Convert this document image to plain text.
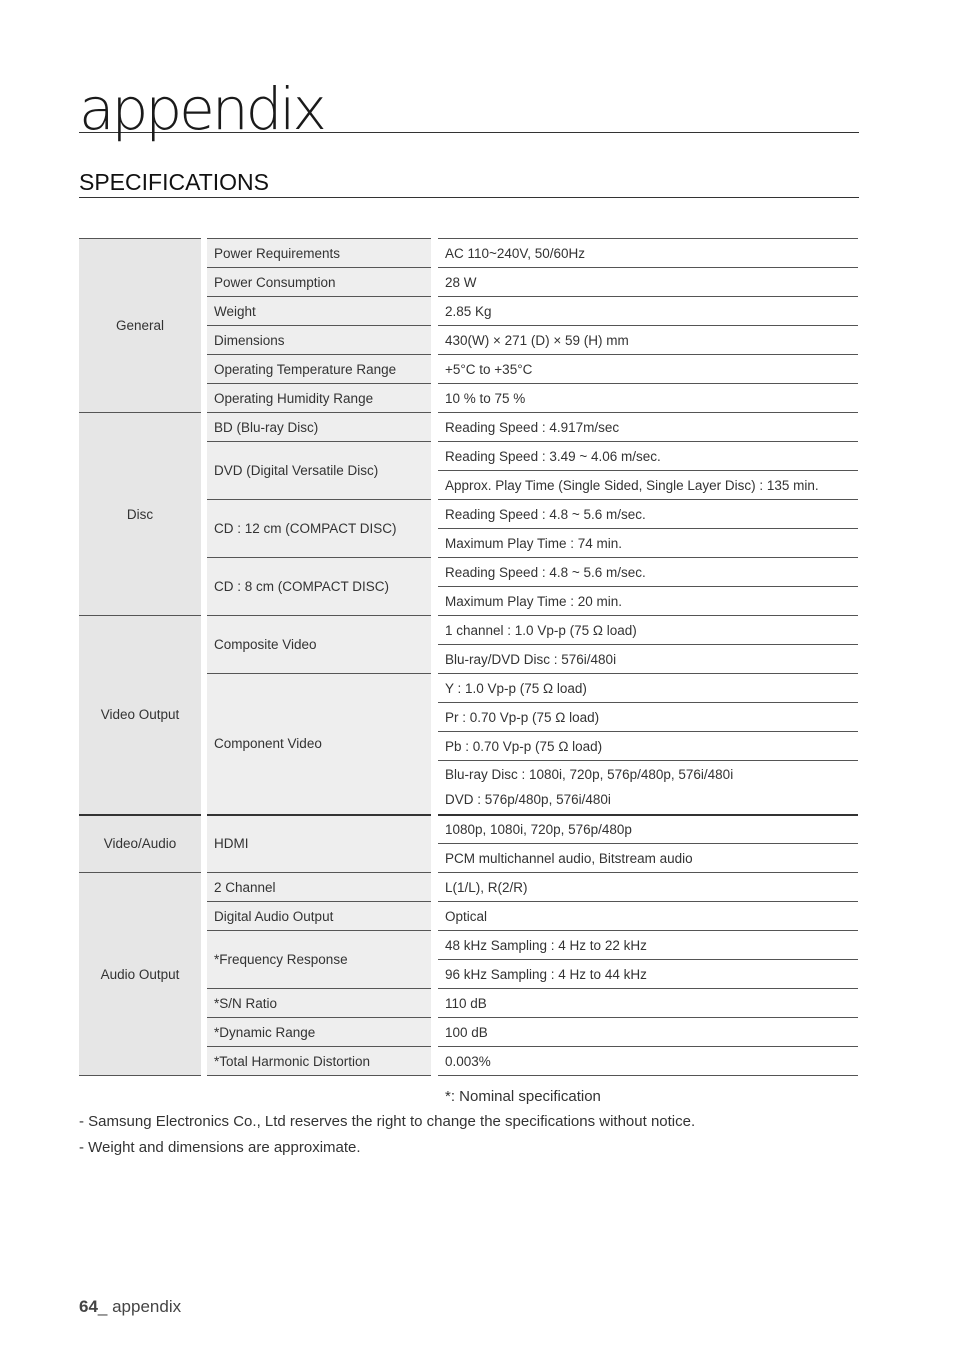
appendix
SPECIFICATIONS
General		Power Requirements		AC 110~240V, 50/60Hz
		Power Consumption		28 W
		Weight		2.85 Kg
		Dimensions		430(W) × 271 (D) × 59 (H) mm
		Operating Temperature Range		+5°C to +35°C
		Operating Humidity Range		10 % to 75 %
Disc		BD (Blu-ray Disc)		Reading Speed : 4.917m/sec
		DVD (Digital Versatile Disc)		Reading Speed : 3.49 ~ 4.06 m/sec.
				Approx. Play Time (Single Sided, Single Layer Disc) : 135 min.
		CD : 12 cm (COMPACT DISC)		Reading Speed : 4.8 ~ 5.6 m/sec.
				Maximum Play Time : 74 min.
		CD : 8 cm (COMPACT DISC)		Reading Speed : 4.8 ~ 5.6 m/sec.
				Maximum Play Time : 20 min.
Video Output		Composite Video		1 channel : 1.0 Vp-p (75 Ω load)
				Blu-ray/DVD Disc : 576i/480i
		Component Video		Y : 1.0 Vp-p (75 Ω load)
				Pr : 0.70 Vp-p (75 Ω load)
				Pb : 0.70 Vp-p (75 Ω load)
				Blu-ray Disc : 1080i, 720p, 576p/480p, 576i/480i
DVD : 576p/480p, 576i/480i
Video/Audio		HDMI		1080p, 1080i, 720p, 576p/480p
				PCM multichannel audio, Bitstream audio
Audio Output		2 Channel		L(1/L), R(2/R)
		Digital Audio Output		Optical
		*Frequency Response		48 kHz Sampling : 4 Hz to 22 kHz
				96 kHz Sampling : 4 Hz to 44 kHz
		*S/N Ratio		110 dB
		*Dynamic Range		100 dB
		*Total Harmonic Distortion		0.003%
*: Nominal specification
- Samsung Electronics Co., Ltd reserves the right to change the specifications without notice.
- Weight and dimensions are approximate.
64_ appendix
